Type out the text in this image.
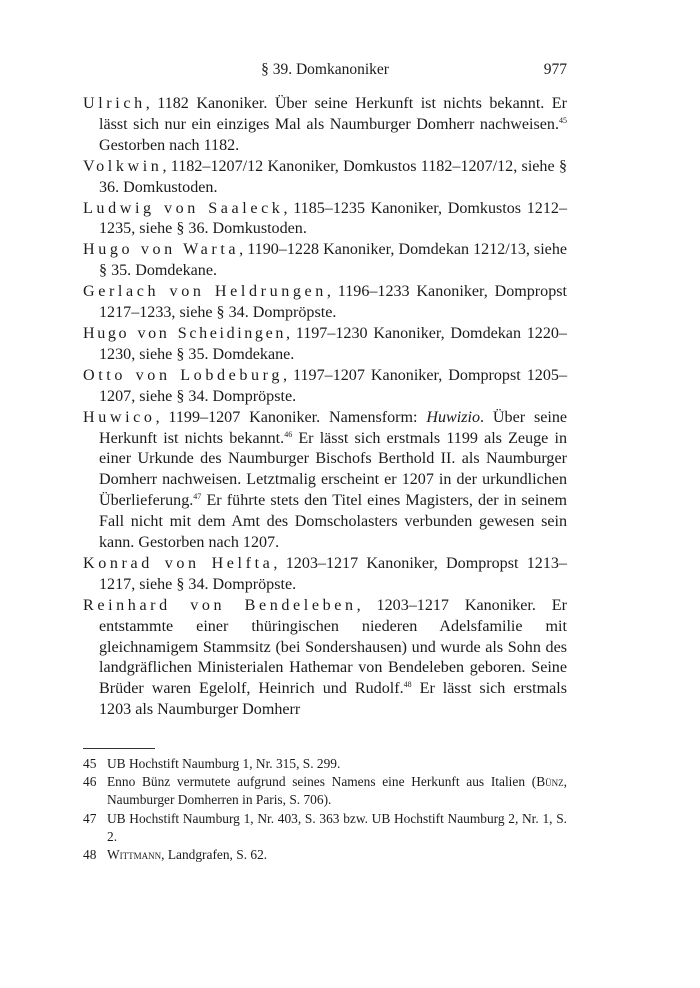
§ 39. Domkanoniker	977

Ulrich, 1182 Kanoniker. Über seine Herkunft ist nichts bekannt. Er lässt sich nur ein einziges Mal als Naumburger Domherr nachweisen.$^{45}$ Gestorben nach 1182.

Volkwin, 1182–1207/12 Kanoniker, Domkustos 1182–1207/12, siehe § 36. Domkustoden.

Ludwig von Saaleck, 1185–1235 Kanoniker, Domkustos 1212–1235, siehe § 36. Domkustoden.

Hugo von Warta, 1190–1228 Kanoniker, Domdekan 1212/13, siehe § 35. Domdekane.

Gerlach von Heldrungen, 1196–1233 Kanoniker, Dompropst 1217–1233, siehe § 34. Dompröpste.

Hugo von Scheidingen, 1197–1230 Kanoniker, Domdekan 1220–1230, siehe § 35. Domdekane.

Otto von Lobdeburg, 1197–1207 Kanoniker, Dompropst 1205–1207, siehe § 34. Dompröpste.

Huwico, 1199–1207 Kanoniker. Namensform: Huwizio. Über seine Herkunft ist nichts bekannt.$^{46}$ Er lässt sich erstmals 1199 als Zeuge in einer Urkunde des Naumburger Bischofs Berthold II. als Naumburger Domherr nachweisen. Letztmalig erscheint er 1207 in der urkundlichen Überlieferung.$^{47}$ Er führte stets den Titel eines Magisters, der in seinem Fall nicht mit dem Amt des Domscholasters verbunden gewesen sein kann. Gestorben nach 1207.

Konrad von Helfta, 1203–1217 Kanoniker, Dompropst 1213–1217, siehe § 34. Dompröpste.

Reinhard von Bendeleben, 1203–1217 Kanoniker. Er entstammte einer thüringischen niederen Adelsfamilie mit gleichnamigem Stammsitz (bei Sondershausen) und wurde als Sohn des landgräflichen Ministerialen Hathemar von Bendeleben geboren. Seine Brüder waren Egelolf, Heinrich und Rudolf.$^{48}$ Er lässt sich erstmals 1203 als Naumburger Domherr

45 UB Hochstift Naumburg 1, Nr. 315, S. 299.
46 Enno Bünz vermutete aufgrund seines Namens eine Herkunft aus Italien (Bünz, Naumburger Domherren in Paris, S. 706).
47 UB Hochstift Naumburg 1, Nr. 403, S. 363 bzw. UB Hochstift Naumburg 2, Nr. 1, S. 2.
48 Wittmann, Landgrafen, S. 62.
